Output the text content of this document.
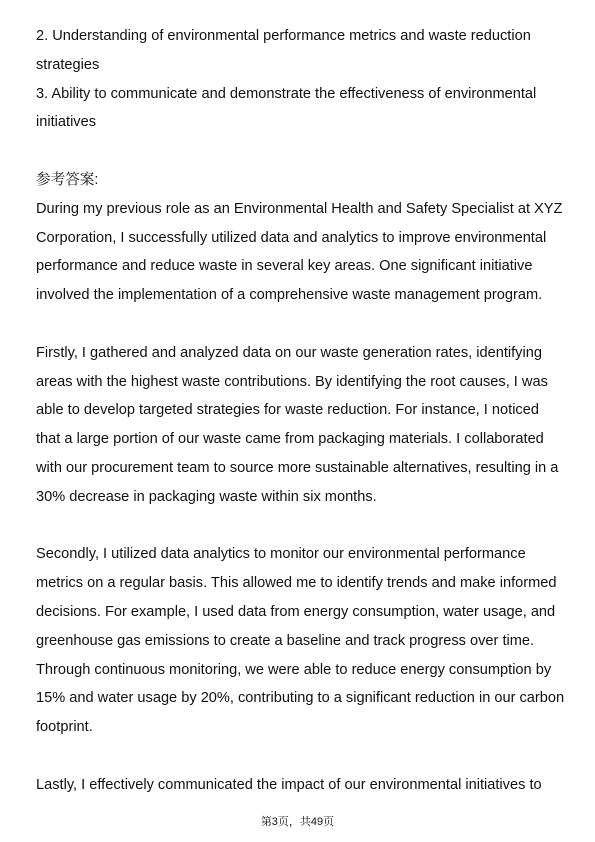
2. Understanding of environmental performance metrics and waste reduction
strategies

3. Ability to communicate and demonstrate the effectiveness of environmental
initiatives

参考答案:

During my previous role as an Environmental Health and Safety Specialist at XYZ
Corporation, I successfully utilized data and analytics to improve environmental
performance and reduce waste in several key areas. One significant initiative
involved the implementation of a comprehensive waste management program.

Firstly, I gathered and analyzed data on our waste generation rates, identifying
areas with the highest waste contributions. By identifying the root causes, I was
able to develop targeted strategies for waste reduction. For instance, I noticed
that a large portion of our waste came from packaging materials. I collaborated
with our procurement team to source more sustainable alternatives, resulting in a
30% decrease in packaging waste within six months.

Secondly, I utilized data analytics to monitor our environmental performance
metrics on a regular basis. This allowed me to identify trends and make informed
decisions. For example, I used data from energy consumption, water usage, and
greenhouse gas emissions to create a baseline and track progress over time.
Through continuous monitoring, we were able to reduce energy consumption by
15% and water usage by 20%, contributing to a significant reduction in our carbon
footprint.

Lastly, I effectively communicated the impact of our environmental initiatives to

第3页，共49页
